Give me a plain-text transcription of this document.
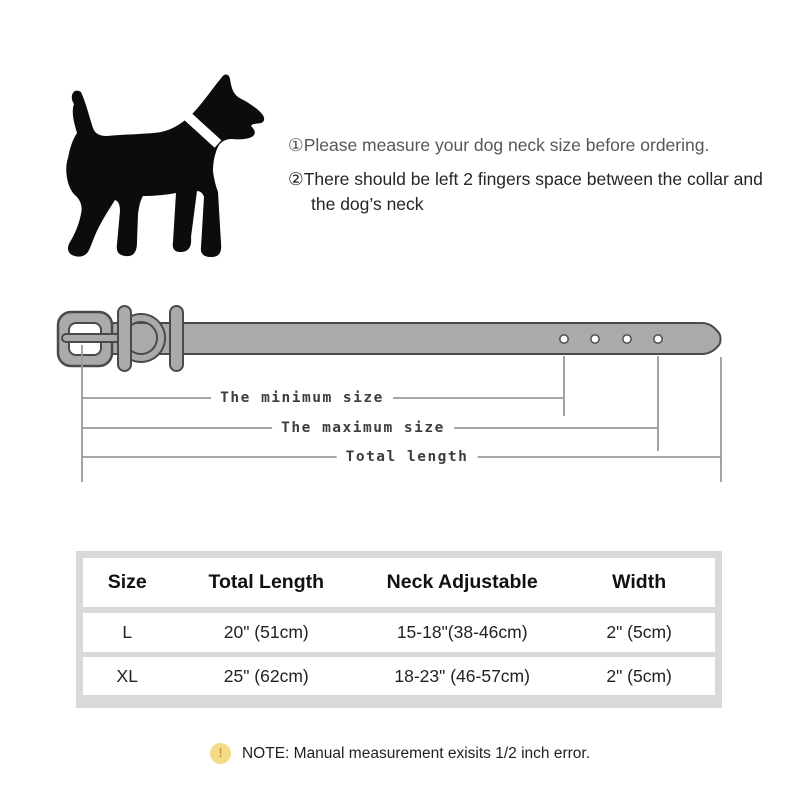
①Please measure your dog neck size before ordering.

②There should be left 2 fingers space between the collar and the dog’s neck

The minimum size
The maximum size
Total length
Size	Total Length	Neck Adjustable	Width
L	20" (51cm)	15-18"(38-46cm)	2" (5cm)
XL	25" (62cm)	18-23" (46-57cm)	2" (5cm)
!	NOTE: Manual measurement exisits 1/2 inch error.
